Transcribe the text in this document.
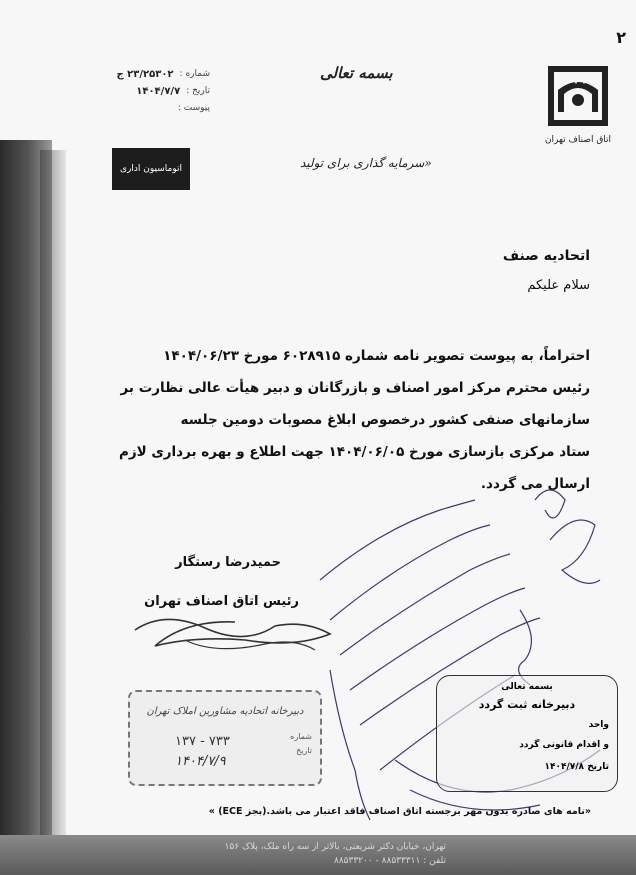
۲
اتاق اصناف تهران
بسمه تعالی
شماره :
۲۳/۲۵۳۰۲ ج
تاریخ :
۱۴۰۴/۷/۷
پیوست :
اتوماسیون اداری	«سرمایه گذاری برای تولید
اتحادیه صنف
سلام علیکم

احتراماً، به پیوست تصویر نامه شماره ۶۰۲۸۹۱۵ مورخ ۱۴۰۴/۰۶/۲۳

رئیس محترم مرکز امور اصناف و بازرگانان و دبیر هیأت عالی نظارت بر

سازمانهای صنفی کشور درخصوص ابلاغ مصوبات دومین جلسه

ستاد مرکزی بازسازی مورخ ۱۴۰۴/۰۶/۰۵ جهت اطلاع و بهره برداری لازم

ارسال می گردد.

حمیدرضا رستگار
رئیس اتاق اصناف تهران
دبیرخانه اتحادیه مشاورین املاک تهران
شماره
تاریخ
۱۳۷ - ۷۳۳
۱۴۰۴/۷/۹
بسمه تعالی
دبیرخانه ثبت گردد
واحد
و اقدام قانونی گردد
تاریخ ۱۴۰۴/۷/۸
«نامه های صادره بدون مهر برجسته اتاق اصناف فاقد اعتبار می باشد.(بجز ECE) »
تهران، خیابان دکتر شریعتی، بالاتر از سه راه ملک، پلاک ۱۵۶
تلفن : ۸۸۵۳۳۳۱۱ - ۸۸۵۳۳۲۰۰
